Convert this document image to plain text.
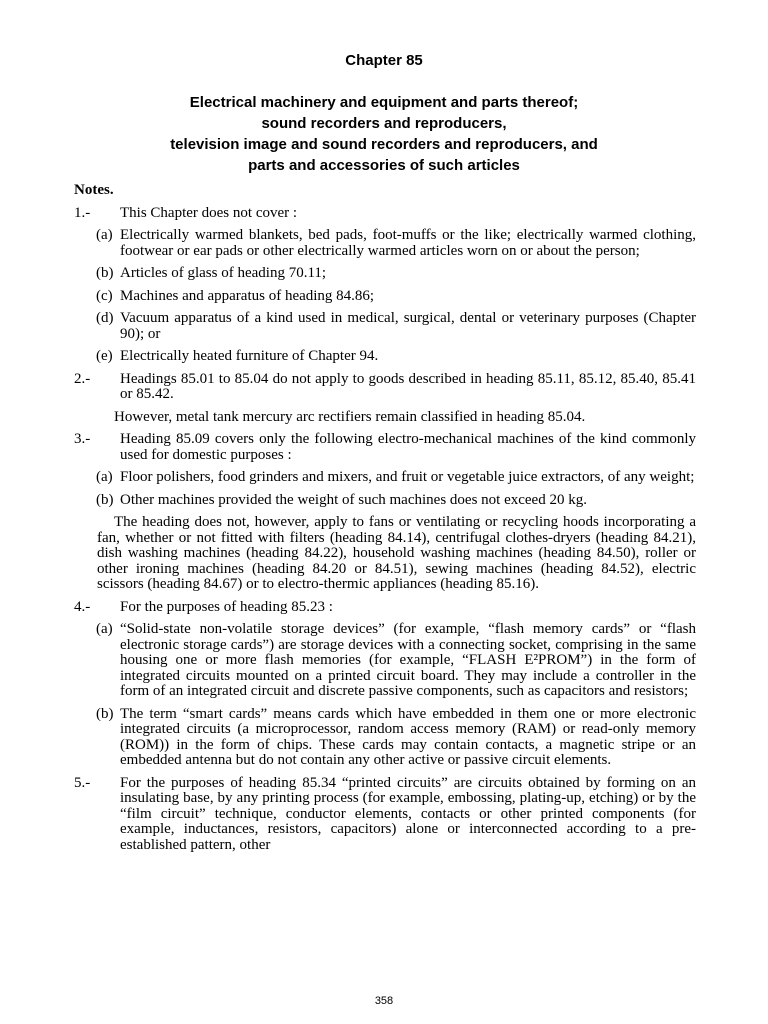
Chapter 85
Electrical machinery and equipment and parts thereof;
sound recorders and reproducers,
television image and sound recorders and reproducers, and
parts and accessories of such articles
Notes.
1.- This Chapter does not cover :
(a) Electrically warmed blankets, bed pads, foot-muffs or the like; electrically warmed clothing, footwear or ear pads or other electrically warmed articles worn on or about the person;
(b) Articles of glass of heading 70.11;
(c) Machines and apparatus of heading 84.86;
(d) Vacuum apparatus of a kind used in medical, surgical, dental or veterinary purposes (Chapter 90); or
(e) Electrically heated furniture of Chapter 94.
2.- Headings 85.01 to 85.04 do not apply to goods described in heading 85.11, 85.12, 85.40, 85.41 or 85.42.
However, metal tank mercury arc rectifiers remain classified in heading 85.04.
3.- Heading 85.09 covers only the following electro-mechanical machines of the kind commonly used for domestic purposes :
(a) Floor polishers, food grinders and mixers, and fruit or vegetable juice extractors, of any weight;
(b) Other machines provided the weight of such machines does not exceed 20 kg.
The heading does not, however, apply to fans or ventilating or recycling hoods incorporating a fan, whether or not fitted with filters (heading 84.14), centrifugal clothes-dryers (heading 84.21), dish washing machines (heading 84.22), household washing machines (heading 84.50), roller or other ironing machines (heading 84.20 or 84.51), sewing machines (heading 84.52), electric scissors (heading 84.67) or to electro-thermic appliances (heading 85.16).
4.- For the purposes of heading 85.23 :
(a) “Solid-state non-volatile storage devices” (for example, “flash memory cards” or “flash electronic storage cards”) are storage devices with a connecting socket, comprising in the same housing one or more flash memories (for example, “FLASH E²PROM”) in the form of integrated circuits mounted on a printed circuit board. They may include a controller in the form of an integrated circuit and discrete passive components, such as capacitors and resistors;
(b) The term “smart cards” means cards which have embedded in them one or more electronic integrated circuits (a microprocessor, random access memory (RAM) or read-only memory (ROM)) in the form of chips. These cards may contain contacts, a magnetic stripe or an embedded antenna but do not contain any other active or passive circuit elements.
5.- For the purposes of heading 85.34 “printed circuits” are circuits obtained by forming on an insulating base, by any printing process (for example, embossing, plating-up, etching) or by the “film circuit” technique, conductor elements, contacts or other printed components (for example, inductances, resistors, capacitors) alone or interconnected according to a pre-established pattern, other
358
